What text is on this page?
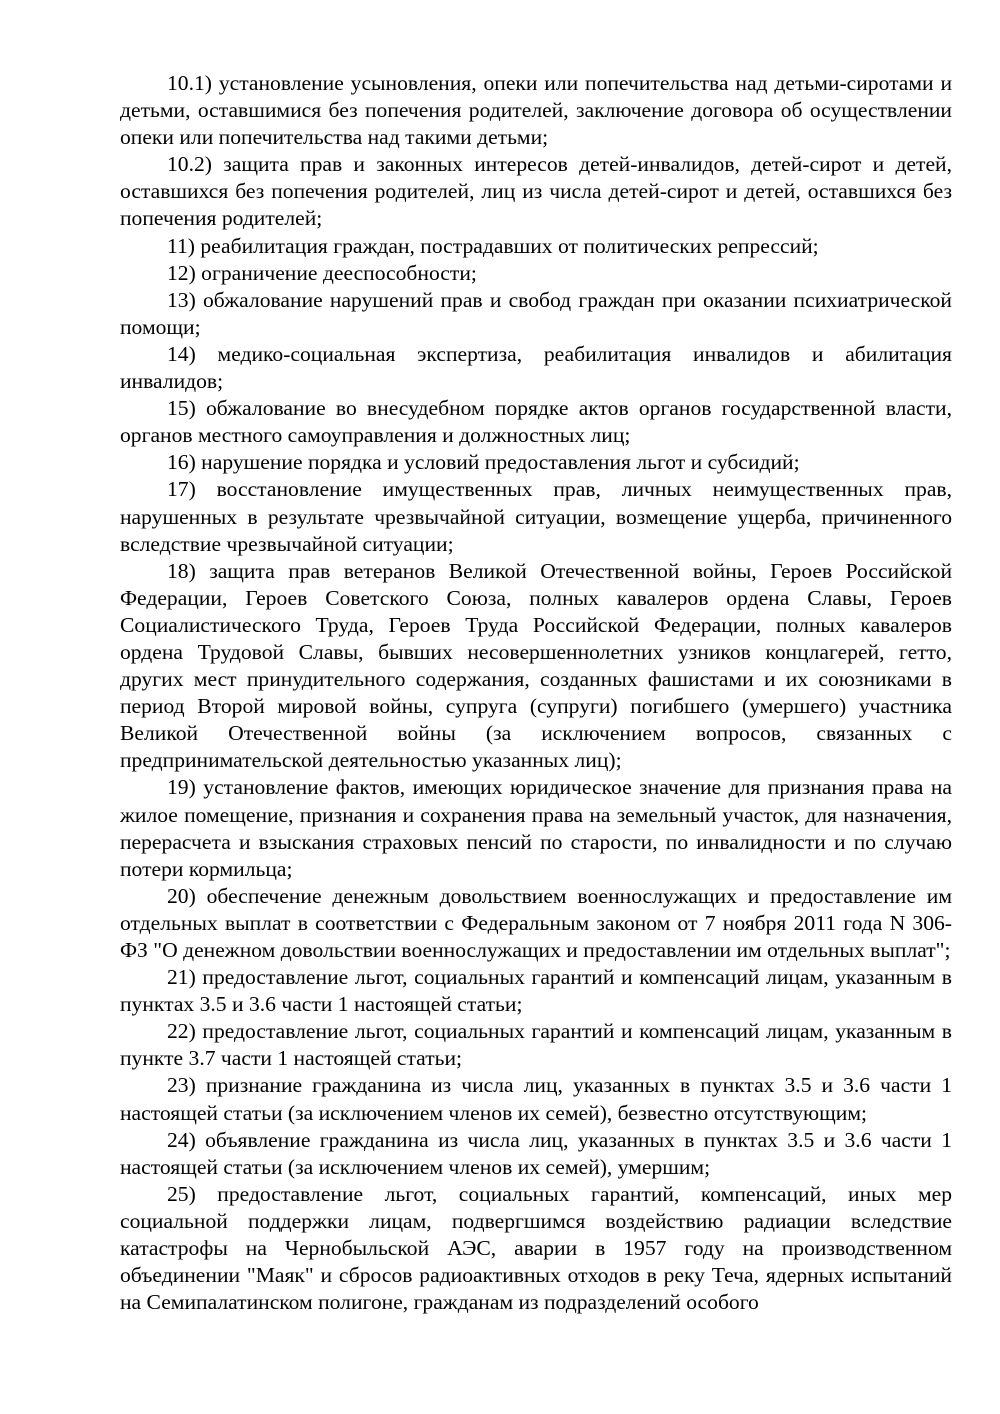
10.1) установление усыновления, опеки или попечительства над детьми-сиротами и детьми, оставшимися без попечения родителей, заключение договора об осуществлении опеки или попечительства над такими детьми;

10.2) защита прав и законных интересов детей-инвалидов, детей-сирот и детей, оставшихся без попечения родителей, лиц из числа детей-сирот и детей, оставшихся без попечения родителей;

11) реабилитация граждан, пострадавших от политических репрессий;

12) ограничение дееспособности;

13) обжалование нарушений прав и свобод граждан при оказании психиатрической помощи;

14) медико-социальная экспертиза, реабилитация инвалидов и абилитация инвалидов;

15) обжалование во внесудебном порядке актов органов государственной власти, органов местного самоуправления и должностных лиц;

16) нарушение порядка и условий предоставления льгот и субсидий;

17) восстановление имущественных прав, личных неимущественных прав, нарушенных в результате чрезвычайной ситуации, возмещение ущерба, причиненного вследствие чрезвычайной ситуации;

18) защита прав ветеранов Великой Отечественной войны, Героев Российской Федерации, Героев Советского Союза, полных кавалеров ордена Славы, Героев Социалистического Труда, Героев Труда Российской Федерации, полных кавалеров ордена Трудовой Славы, бывших несовершеннолетних узников концлагерей, гетто, других мест принудительного содержания, созданных фашистами и их союзниками в период Второй мировой войны, супруга (супруги) погибшего (умершего) участника Великой Отечественной войны (за исключением вопросов, связанных с предпринимательской деятельностью указанных лиц);

19) установление фактов, имеющих юридическое значение для признания права на жилое помещение, признания и сохранения права на земельный участок, для назначения, перерасчета и взыскания страховых пенсий по старости, по инвалидности и по случаю потери кормильца;

20) обеспечение денежным довольствием военнослужащих и предоставление им отдельных выплат в соответствии с Федеральным законом от 7 ноября 2011 года N 306-ФЗ "О денежном довольствии военнослужащих и предоставлении им отдельных выплат";

21) предоставление льгот, социальных гарантий и компенсаций лицам, указанным в пунктах 3.5 и 3.6 части 1 настоящей статьи;

22) предоставление льгот, социальных гарантий и компенсаций лицам, указанным в пункте 3.7 части 1 настоящей статьи;

23) признание гражданина из числа лиц, указанных в пунктах 3.5 и 3.6 части 1 настоящей статьи (за исключением членов их семей), безвестно отсутствующим;

24) объявление гражданина из числа лиц, указанных в пунктах 3.5 и 3.6 части 1 настоящей статьи (за исключением членов их семей), умершим;

25) предоставление льгот, социальных гарантий, компенсаций, иных мер социальной поддержки лицам, подвергшимся воздействию радиации вследствие катастрофы на Чернобыльской АЭС, аварии в 1957 году на производственном объединении "Маяк" и сбросов радиоактивных отходов в реку Теча, ядерных испытаний на Семипалатинском полигоне, гражданам из подразделений особого
